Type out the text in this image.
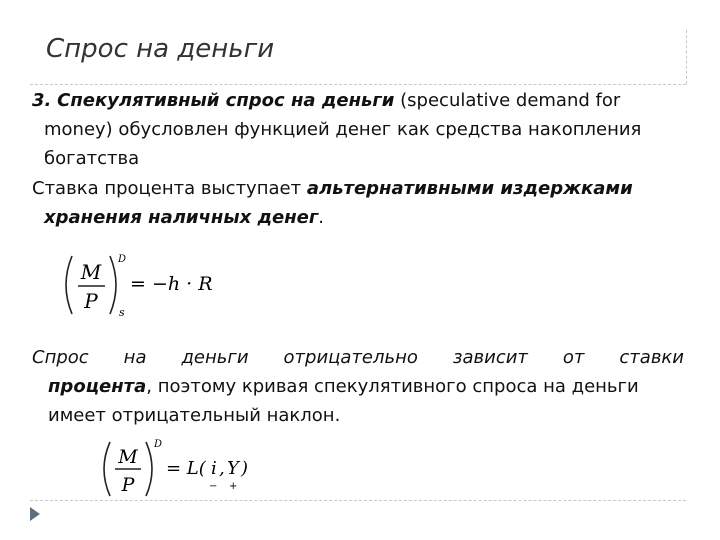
Спрос на деньги
3. Спекулятивный спрос на деньги (speculative demand for
money) обусловлен функцией денег как средства накопления
богатства
Ставка процента выступает альтернативными издержками
хранения наличных денег.
M
P
D
s
= −h · R
Спрос на деньги отрицательно зависит от ставки
процента, поэтому кривая спекулятивного спроса на деньги
имеет отрицательный наклон.
M
P
D
= L( i , Y )
− +
